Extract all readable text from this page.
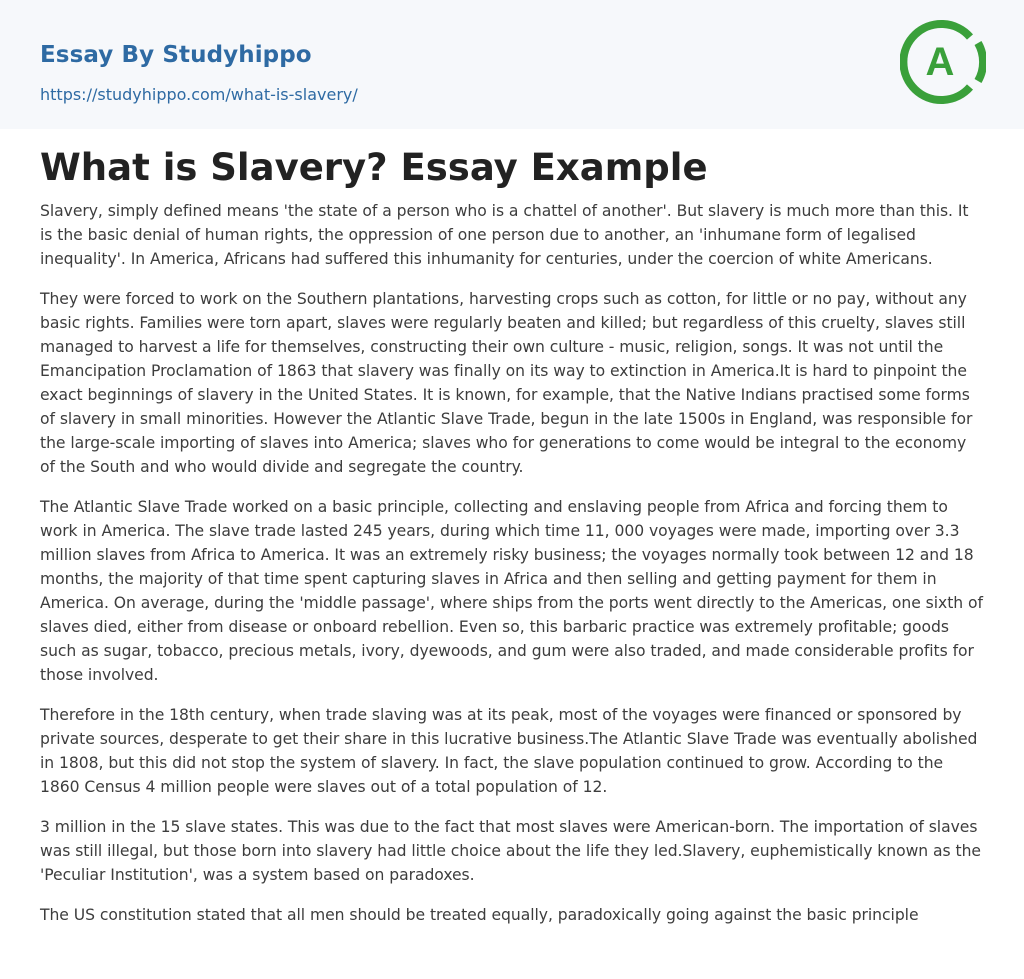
Essay By Studyhippo
https://studyhippo.com/what-is-slavery/
A
What is Slavery? Essay Example

Slavery, simply defined means 'the state of a person who is a chattel of another'. But slavery is much more than this. It is the basic denial of human rights, the oppression of one person due to another, an 'inhumane form of legalised inequality'. In America, Africans had suffered this inhumanity for centuries, under the coercion of white Americans.

They were forced to work on the Southern plantations, harvesting crops such as cotton, for little or no pay, without any basic rights. Families were torn apart, slaves were regularly beaten and killed; but regardless of this cruelty, slaves still managed to harvest a life for themselves, constructing their own culture - music, religion, songs. It was not until the Emancipation Proclamation of 1863 that slavery was finally on its way to extinction in America.It is hard to pinpoint the exact beginnings of slavery in the United States. It is known, for example, that the Native Indians practised some forms of slavery in small minorities. However the Atlantic Slave Trade, begun in the late 1500s in England, was responsible for the large-scale importing of slaves into America; slaves who for generations to come would be integral to the economy of the South and who would divide and segregate the country.

The Atlantic Slave Trade worked on a basic principle, collecting and enslaving people from Africa and forcing them to work in America. The slave trade lasted 245 years, during which time 11, 000 voyages were made, importing over 3.3 million slaves from Africa to America. It was an extremely risky business; the voyages normally took between 12 and 18 months, the majority of that time spent capturing slaves in Africa and then selling and getting payment for them in America. On average, during the 'middle passage', where ships from the ports went directly to the Americas, one sixth of slaves died, either from disease or onboard rebellion. Even so, this barbaric practice was extremely profitable; goods such as sugar, tobacco, precious metals, ivory, dyewoods, and gum were also traded, and made considerable profits for those involved.

Therefore in the 18th century, when trade slaving was at its peak, most of the voyages were financed or sponsored by private sources, desperate to get their share in this lucrative business.The Atlantic Slave Trade was eventually abolished in 1808, but this did not stop the system of slavery. In fact, the slave population continued to grow. According to the 1860 Census 4 million people were slaves out of a total population of 12.

3 million in the 15 slave states. This was due to the fact that most slaves were American-born. The importation of slaves was still illegal, but those born into slavery had little choice about the life they led.Slavery, euphemistically known as the 'Peculiar Institution', was a system based on paradoxes.

The US constitution stated that all men should be treated equally, paradoxically going against the basic principle
